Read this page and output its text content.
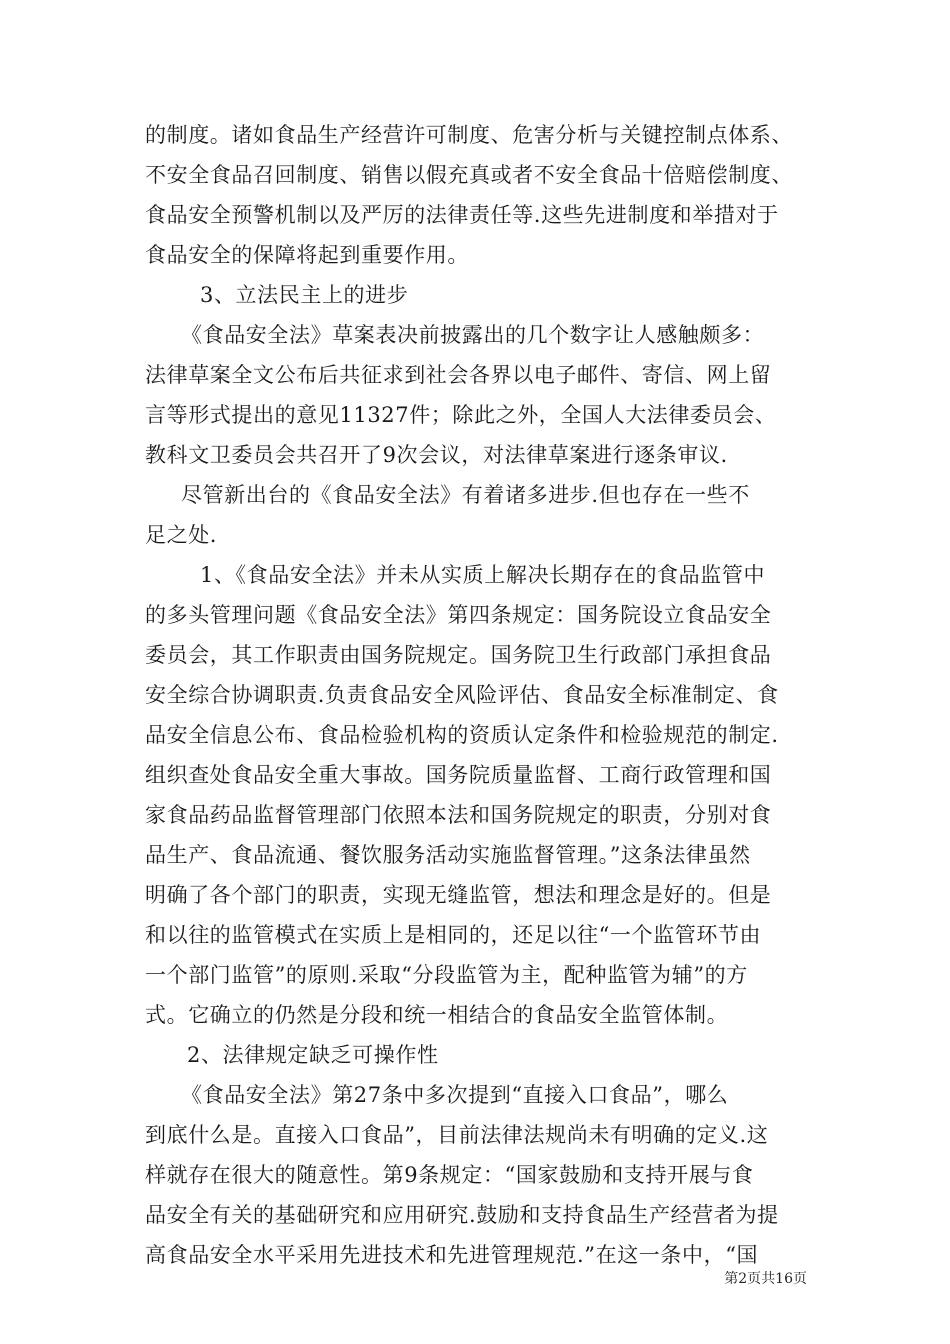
的制度。诸如食品生产经营许可制度、危害分析与关键控制点体系、
不安全食品召回制度、销售以假充真或者不安全食品十倍赔偿制度、
食品安全预警机制以及严厉的法律责任等.这些先进制度和举措对于
食品安全的保障将起到重要作用。
3、立法民主上的进步
《食品安全法》草案表决前披露出的几个数字让人感触颇多：
法律草案全文公布后共征求到社会各界以电子邮件、寄信、网上留
言等形式提出的意见11327件；除此之外，全国人大法律委员会、
教科文卫委员会共召开了9次会议，对法律草案进行逐条审议.
尽管新出台的《食品安全法》有着诸多进步.但也存在一些不
足之处.
1、《食品安全法》并未从实质上解决长期存在的食品监管中
的多头管理问题《食品安全法》第四条规定：国务院设立食品安全
委员会，其工作职责由国务院规定。国务院卫生行政部门承担食品
安全综合协调职责.负责食品安全风险评估、食品安全标准制定、食
品安全信息公布、食品检验机构的资质认定条件和检验规范的制定.
组织查处食品安全重大事故。国务院质量监督、工商行政管理和国
家食品药品监督管理部门依照本法和国务院规定的职责，分别对食
品生产、食品流通、餐饮服务活动实施监督管理。”这条法律虽然
明确了各个部门的职责，实现无缝监管，想法和理念是好的。但是
和以往的监管模式在实质上是相同的，还足以往“一个监管环节由
一个部门监管”的原则.采取“分段监管为主，配种监管为辅”的方
式。它确立的仍然是分段和统一相结合的食品安全监管体制。
2、法律规定缺乏可操作性
《食品安全法》第27条中多次提到“直接入口食品”，哪么
到底什么是。直接入口食品”，目前法律法规尚未有明确的定义.这
样就存在很大的随意性。第9条规定：“国家鼓励和支持开展与食
品安全有关的基础研究和应用研究.鼓励和支持食品生产经营者为提
高食品安全水平采用先进技术和先进管理规范.”在这一条中，“国
第2页共16页
